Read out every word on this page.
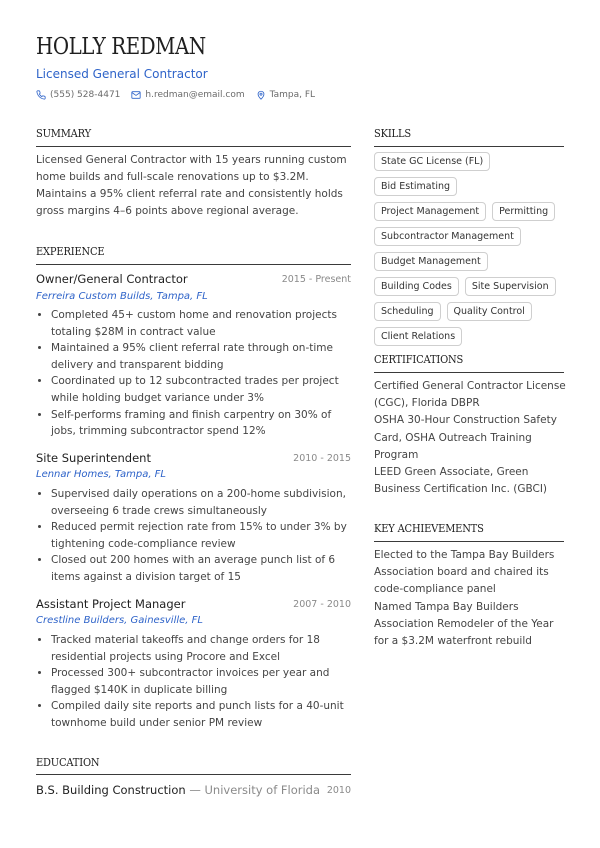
HOLLY REDMAN
Licensed General Contractor
(555) 528-4471	h.redman@email.com	Tampa, FL
SUMMARY
Licensed General Contractor with 15 years running custom home builds and full-scale renovations up to $3.2M. Maintains a 95% client referral rate and consistently holds gross margins 4–6 points above regional average.
EXPERIENCE
Owner/General Contractor	2015 - Present
Ferreira Custom Builds, Tampa, FL
• Completed 45+ custom home and renovation projects totaling $28M in contract value
• Maintained a 95% client referral rate through on-time delivery and transparent bidding
• Coordinated up to 12 subcontracted trades per project while holding budget variance under 3%
• Self-performs framing and finish carpentry on 30% of jobs, trimming subcontractor spend 12%
Site Superintendent	2010 - 2015
Lennar Homes, Tampa, FL
• Supervised daily operations on a 200-home subdivision, overseeing 6 trade crews simultaneously
• Reduced permit rejection rate from 15% to under 3% by tightening code-compliance review
• Closed out 200 homes with an average punch list of 6 items against a division target of 15
Assistant Project Manager	2007 - 2010
Crestline Builders, Gainesville, FL
• Tracked material takeoffs and change orders for 18 residential projects using Procore and Excel
• Processed 300+ subcontractor invoices per year and flagged $140K in duplicate billing
• Compiled daily site reports and punch lists for a 40-unit townhome build under senior PM review
EDUCATION
B.S. Building Construction — University of Florida 2010
SKILLS
State GC License (FL)
Bid Estimating
Project Management	Permitting
Subcontractor Management
Budget Management
Building Codes	Site Supervision
Scheduling	Quality Control
Client Relations
CERTIFICATIONS
Certified General Contractor License (CGC), Florida DBPR
OSHA 30-Hour Construction Safety Card, OSHA Outreach Training Program
LEED Green Associate, Green Business Certification Inc. (GBCI)
KEY ACHIEVEMENTS
Elected to the Tampa Bay Builders Association board and chaired its code-compliance panel
Named Tampa Bay Builders Association Remodeler of the Year for a $3.2M waterfront rebuild
